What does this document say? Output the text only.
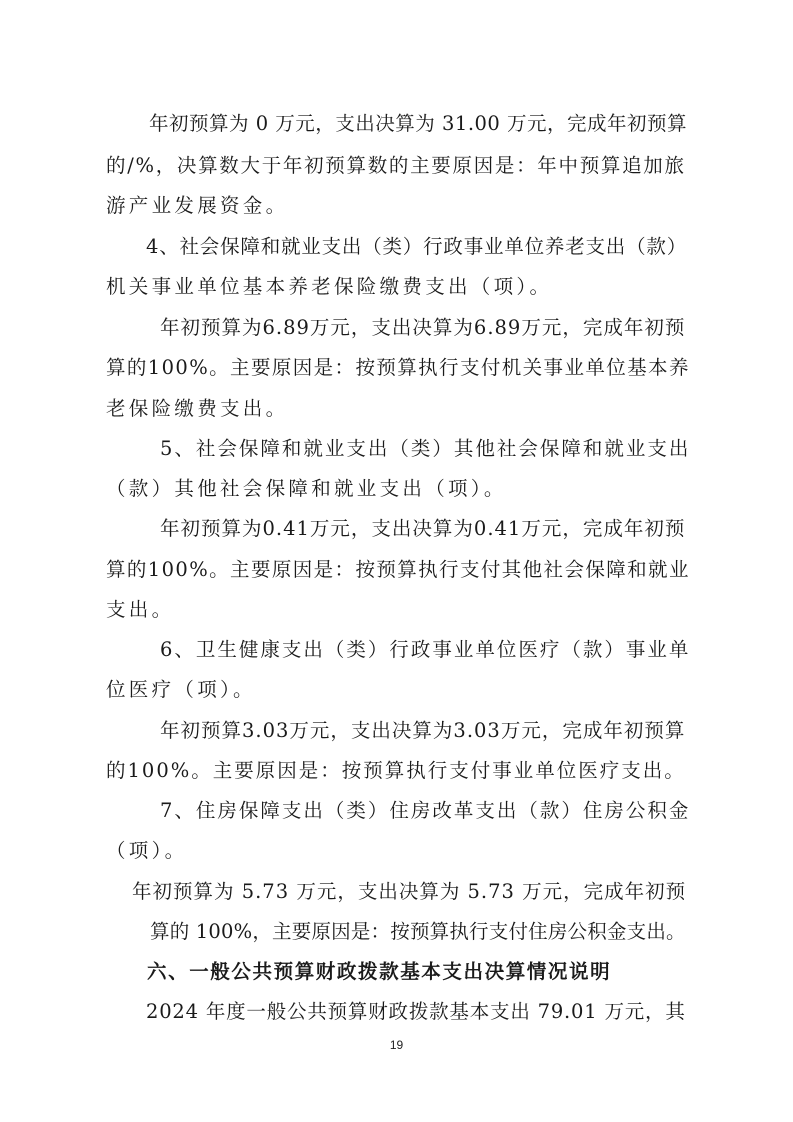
年初预算为 0 万元，支出决算为 31.00 万元，完成年初预算
的/%，决算数大于年初预算数的主要原因是：年中预算追加旅
游产业发展资金。
4、社会保障和就业支出（类）行政事业单位养老支出（款）
机关事业单位基本养老保险缴费支出（项）。
年初预算为6.89万元，支出决算为6.89万元，完成年初预
算的100%。主要原因是：按预算执行支付机关事业单位基本养
老保险缴费支出。
5、社会保障和就业支出（类）其他社会保障和就业支出
（款）其他社会保障和就业支出（项）。
年初预算为0.41万元，支出决算为0.41万元，完成年初预
算的100%。主要原因是：按预算执行支付其他社会保障和就业
支出。
6、卫生健康支出（类）行政事业单位医疗（款）事业单
位医疗（项）。
年初预算3.03万元，支出决算为3.03万元，完成年初预算
的100%。主要原因是：按预算执行支付事业单位医疗支出。
7、住房保障支出（类）住房改革支出（款）住房公积金
（项）。
年初预算为 5.73 万元，支出决算为 5.73 万元，完成年初预
算的 100%，主要原因是：按预算执行支付住房公积金支出。
六、一般公共预算财政拨款基本支出决算情况说明
2024 年度一般公共预算财政拨款基本支出 79.01 万元，其
19
